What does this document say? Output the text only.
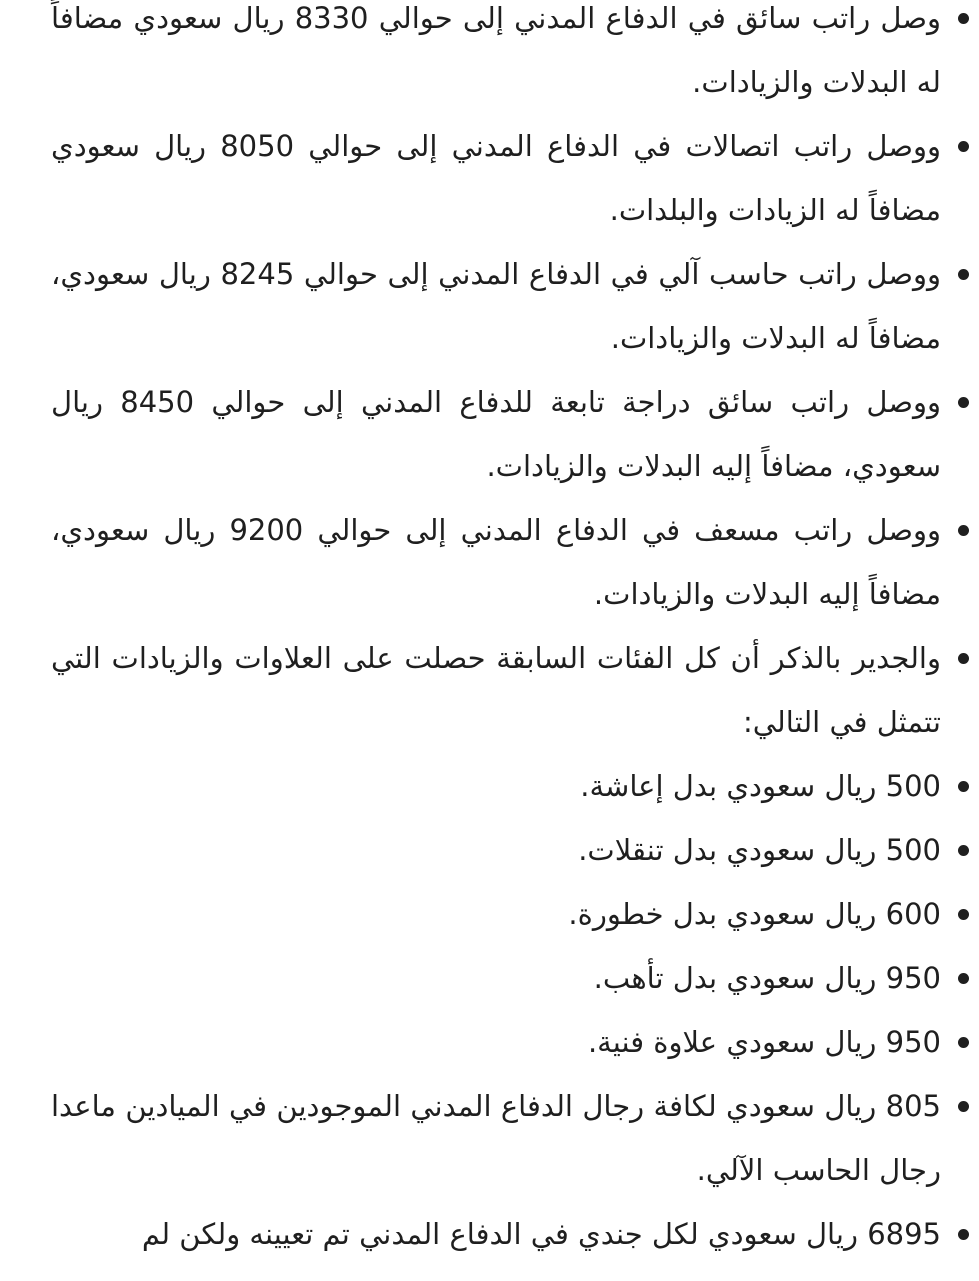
وصل راتب سائق في الدفاع المدني إلى حوالي 8330 ريال سعودي مضافاً له البدلات والزيادات.
ووصل راتب اتصالات في الدفاع المدني إلى حوالي 8050 ريال سعودي مضافاً له الزيادات والبلدات.
ووصل راتب حاسب آلي في الدفاع المدني إلى حوالي 8245 ريال سعودي، مضافاً له البدلات والزيادات.
ووصل راتب سائق دراجة تابعة للدفاع المدني إلى حوالي 8450 ريال سعودي، مضافاً إليه البدلات والزيادات.
ووصل راتب مسعف في الدفاع المدني إلى حوالي 9200 ريال سعودي، مضافاً إليه البدلات والزيادات.
والجدير بالذكر أن كل الفئات السابقة حصلت على العلاوات والزيادات التي تتمثل في التالي:
500 ريال سعودي بدل إعاشة.
500 ريال سعودي بدل تنقلات.
600 ريال سعودي بدل خطورة.
950 ريال سعودي بدل تأهب.
950 ريال سعودي علاوة فنية.
805 ريال سعودي لكافة رجال الدفاع المدني الموجودين في الميادين ماعدا رجال الحاسب الآلي.
6895 ريال سعودي لكل جندي في الدفاع المدني تم تعيينه ولكن لم
